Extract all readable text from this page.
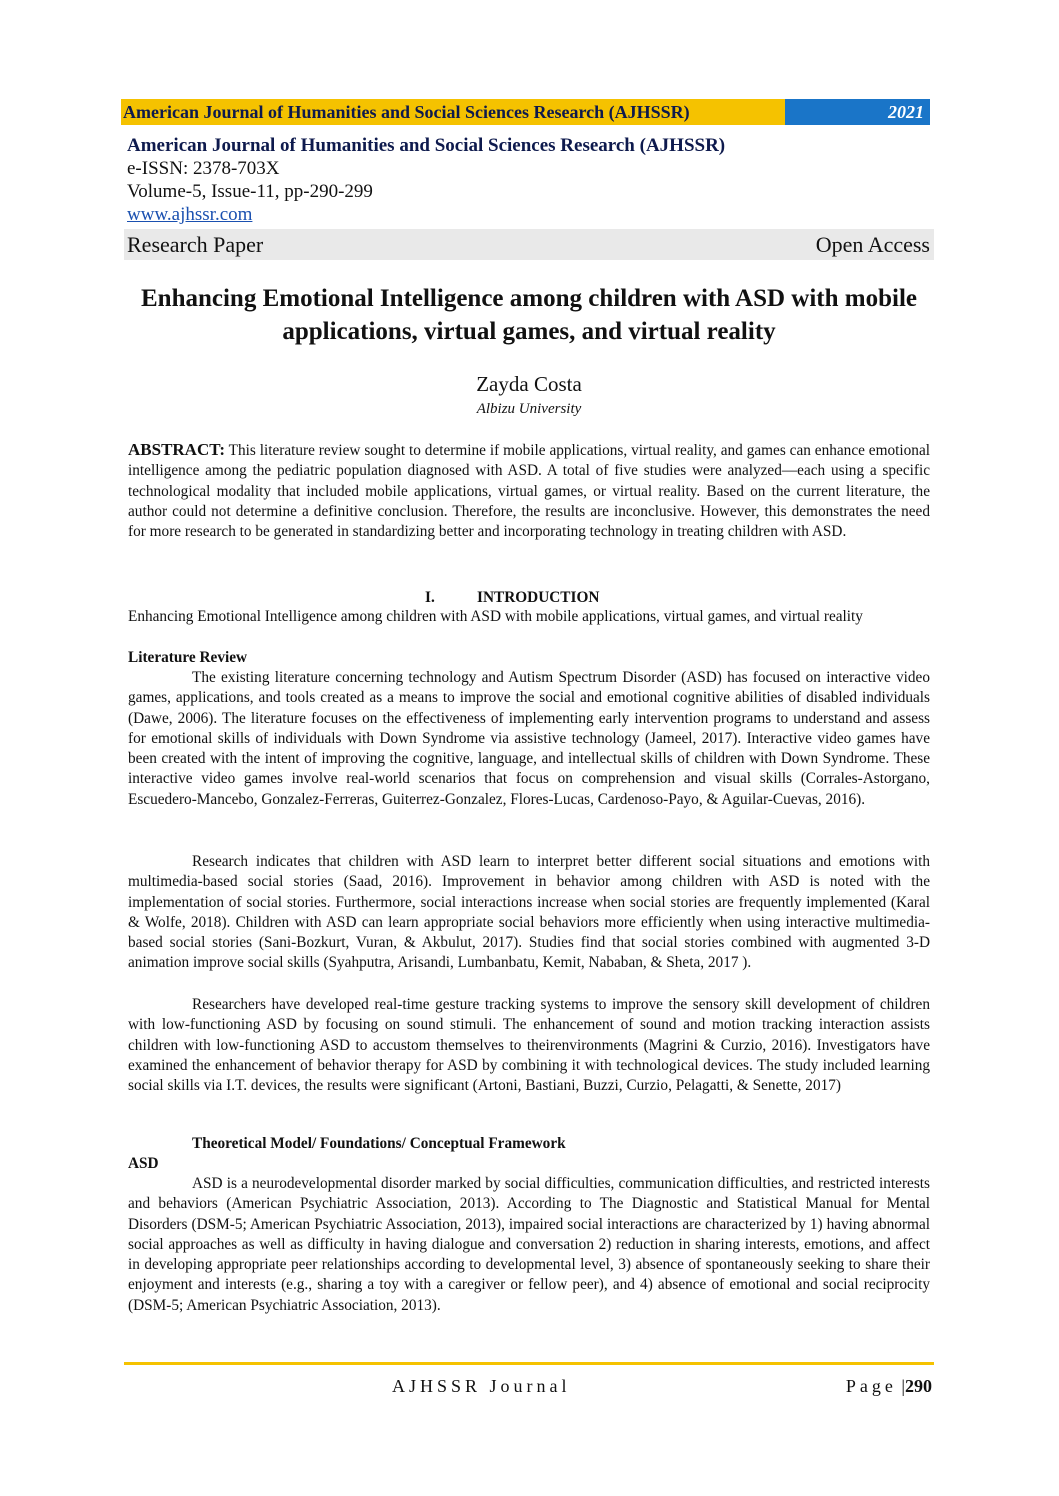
American Journal of Humanities and Social Sciences Research (AJHSSR)	2021
American Journal of Humanities and Social Sciences Research (AJHSSR)
e-ISSN: 2378-703X
Volume-5, Issue-11, pp-290-299
www.ajhssr.com
Research Paper	Open Access
Enhancing Emotional Intelligence among children with ASD with mobile applications, virtual games, and virtual reality
Zayda Costa
Albizu University
ABSTRACT: This literature review sought to determine if mobile applications, virtual reality, and games can enhance emotional intelligence among the pediatric population diagnosed with ASD. A total of five studies were analyzed—each using a specific technological modality that included mobile applications, virtual games, or virtual reality. Based on the current literature, the author could not determine a definitive conclusion. Therefore, the results are inconclusive. However, this demonstrates the need for more research to be generated in standardizing better and incorporating technology in treating children with ASD.
I.	INTRODUCTION
Enhancing Emotional Intelligence among children with ASD with mobile applications, virtual games, and virtual reality
Literature Review
The existing literature concerning technology and Autism Spectrum Disorder (ASD) has focused on interactive video games, applications, and tools created as a means to improve the social and emotional cognitive abilities of disabled individuals (Dawe, 2006). The literature focuses on the effectiveness of implementing early intervention programs to understand and assess for emotional skills of individuals with Down Syndrome via assistive technology (Jameel, 2017). Interactive video games have been created with the intent of improving the cognitive, language, and intellectual skills of children with Down Syndrome. These interactive video games involve real-world scenarios that focus on comprehension and visual skills (Corrales-Astorgano, Escuedero-Mancebo, Gonzalez-Ferreras, Guiterrez-Gonzalez, Flores-Lucas, Cardenoso-Payo, & Aguilar-Cuevas, 2016).
Research indicates that children with ASD learn to interpret better different social situations and emotions with multimedia-based social stories (Saad, 2016). Improvement in behavior among children with ASD is noted with the implementation of social stories. Furthermore, social interactions increase when social stories are frequently implemented (Karal & Wolfe, 2018). Children with ASD can learn appropriate social behaviors more efficiently when using interactive multimedia-based social stories (Sani-Bozkurt, Vuran, & Akbulut, 2017). Studies find that social stories combined with augmented 3-D animation improve social skills (Syahputra, Arisandi, Lumbanbatu, Kemit, Nababan, & Sheta, 2017 ).
Researchers have developed real-time gesture tracking systems to improve the sensory skill development of children with low-functioning ASD by focusing on sound stimuli. The enhancement of sound and motion tracking interaction assists children with low-functioning ASD to accustom themselves to theirenvironments (Magrini & Curzio, 2016). Investigators have examined the enhancement of behavior therapy for ASD by combining it with technological devices. The study included learning social skills via I.T. devices, the results were significant (Artoni, Bastiani, Buzzi, Curzio, Pelagatti, & Senette, 2017)
Theoretical Model/ Foundations/ Conceptual Framework
ASD
ASD is a neurodevelopmental disorder marked by social difficulties, communication difficulties, and restricted interests and behaviors (American Psychiatric Association, 2013). According to The Diagnostic and Statistical Manual for Mental Disorders (DSM-5; American Psychiatric Association, 2013), impaired social interactions are characterized by 1) having abnormal social approaches as well as difficulty in having dialogue and conversation 2) reduction in sharing interests, emotions, and affect in developing appropriate peer relationships according to developmental level, 3) absence of spontaneously seeking to share their enjoyment and interests (e.g., sharing a toy with a caregiver or fellow peer), and 4) absence of emotional and social reciprocity (DSM-5; American Psychiatric Association, 2013).
AJHSSR Journal	Page |290
